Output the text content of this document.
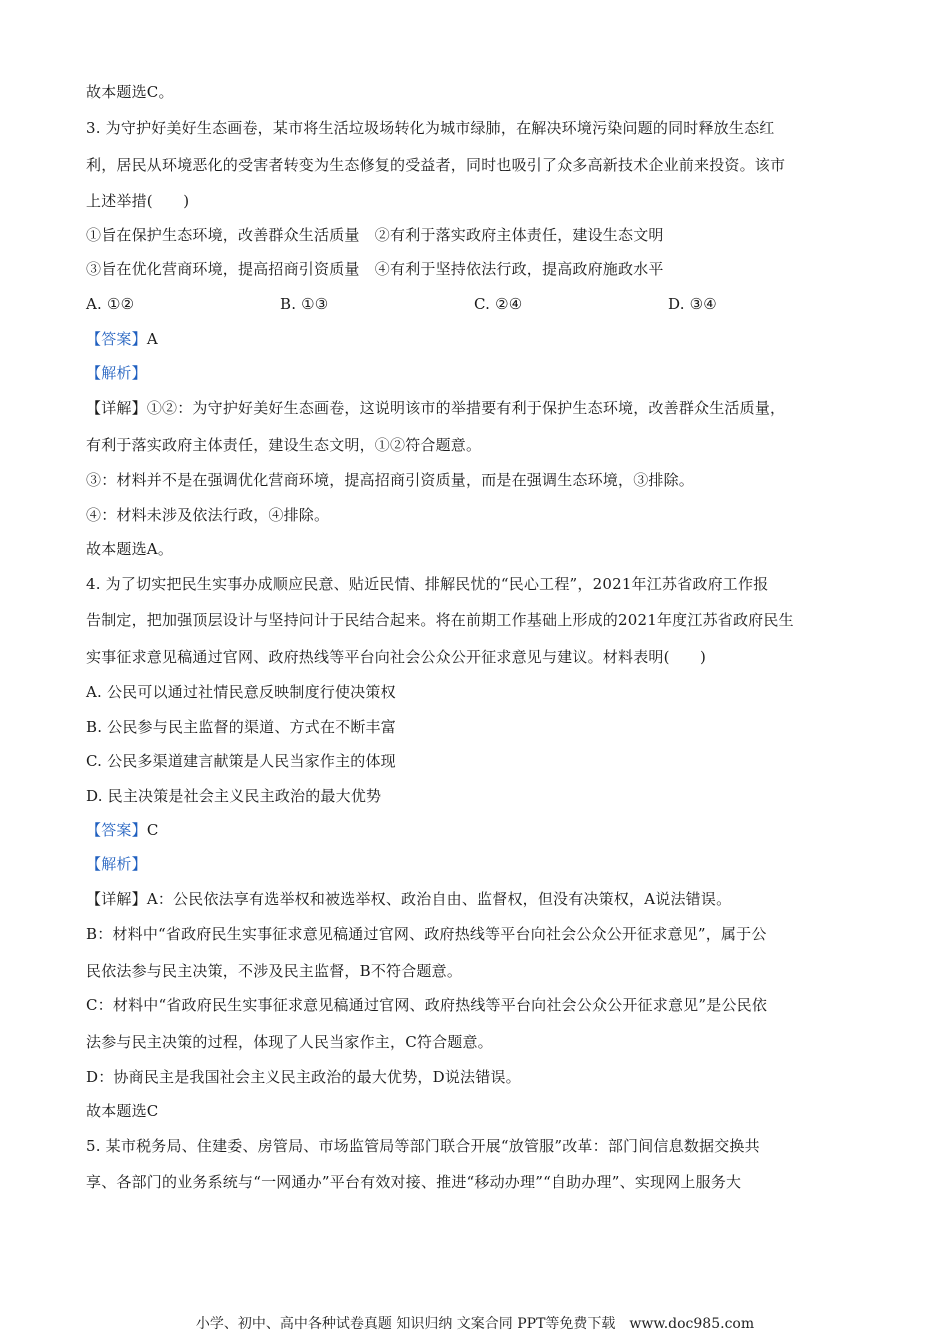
故本题选C。
3. 为守护好美好生态画卷，某市将生活垃圾场转化为城市绿肺，在解决环境污染问题的同时释放生态红
利，居民从环境恶化的受害者转变为生态修复的受益者，同时也吸引了众多高新技术企业前来投资。该市
上述举措(　　)
①旨在保护生态环境，改善群众生活质量　②有利于落实政府主体责任，建设生态文明
③旨在优化营商环境，提高招商引资质量　④有利于坚持依法行政，提高政府施政水平
A. ①②	B. ①③	C. ②④	D. ③④
【答案】A
【解析】
【详解】①②：为守护好美好生态画卷，这说明该市的举措要有利于保护生态环境，改善群众生活质量，
有利于落实政府主体责任，建设生态文明，①②符合题意。
③：材料并不是在强调优化营商环境，提高招商引资质量，而是在强调生态环境，③排除。
④：材料未涉及依法行政，④排除。
故本题选A。
4. 为了切实把民生实事办成顺应民意、贴近民情、排解民忧的“民心工程”，2021年江苏省政府工作报
告制定，把加强顶层设计与坚持问计于民结合起来。将在前期工作基础上形成的2021年度江苏省政府民生
实事征求意见稿通过官网、政府热线等平台向社会公众公开征求意见与建议。材料表明(　　)
A. 公民可以通过社情民意反映制度行使决策权
B. 公民参与民主监督的渠道、方式在不断丰富
C. 公民多渠道建言献策是人民当家作主的体现
D. 民主决策是社会主义民主政治的最大优势
【答案】C
【解析】
【详解】A：公民依法享有选举权和被选举权、政治自由、监督权，但没有决策权，A说法错误。
B：材料中“省政府民生实事征求意见稿通过官网、政府热线等平台向社会公众公开征求意见”，属于公
民依法参与民主决策，不涉及民主监督，B不符合题意。
C：材料中“省政府民生实事征求意见稿通过官网、政府热线等平台向社会公众公开征求意见”是公民依
法参与民主决策的过程，体现了人民当家作主，C符合题意。
D：协商民主是我国社会主义民主政治的最大优势，D说法错误。
故本题选C
5. 某市税务局、住建委、房管局、市场监管局等部门联合开展“放管服”改革：部门间信息数据交换共
享、各部门的业务系统与“一网通办”平台有效对接、推进“移动办理”“自助办理”、实现网上服务大
小学、初中、高中各种试卷真题 知识归纳 文案合同 PPT等免费下载 www.doc985.com
